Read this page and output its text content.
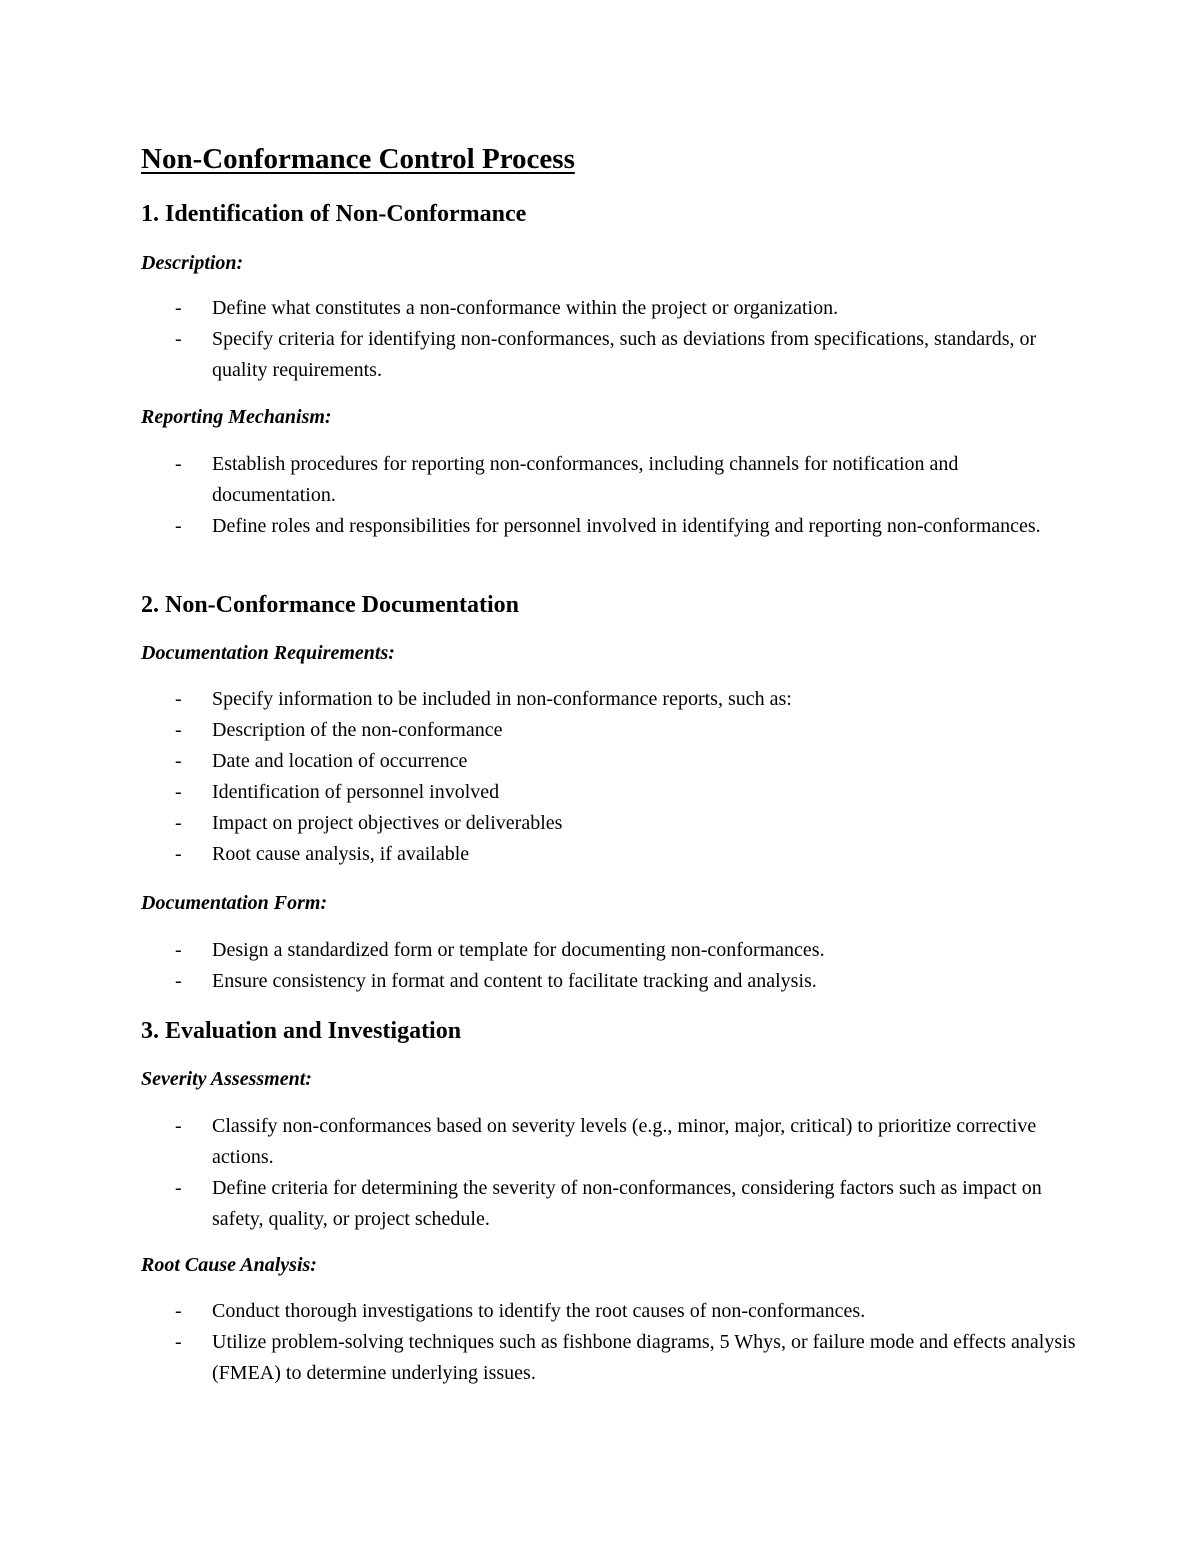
Non-Conformance Control Process
1. Identification of Non-Conformance
Description:
- Define what constitutes a non-conformance within the project or organization.
- Specify criteria for identifying non-conformances, such as deviations from specifications, standards, or quality requirements.
Reporting Mechanism:
- Establish procedures for reporting non-conformances, including channels for notification and documentation.
- Define roles and responsibilities for personnel involved in identifying and reporting non-conformances.
2. Non-Conformance Documentation
Documentation Requirements:
- Specify information to be included in non-conformance reports, such as:
- Description of the non-conformance
- Date and location of occurrence
- Identification of personnel involved
- Impact on project objectives or deliverables
- Root cause analysis, if available
Documentation Form:
- Design a standardized form or template for documenting non-conformances.
- Ensure consistency in format and content to facilitate tracking and analysis.
3. Evaluation and Investigation
Severity Assessment:
- Classify non-conformances based on severity levels (e.g., minor, major, critical) to prioritize corrective actions.
- Define criteria for determining the severity of non-conformances, considering factors such as impact on safety, quality, or project schedule.
Root Cause Analysis:
- Conduct thorough investigations to identify the root causes of non-conformances.
- Utilize problem-solving techniques such as fishbone diagrams, 5 Whys, or failure mode and effects analysis (FMEA) to determine underlying issues.
